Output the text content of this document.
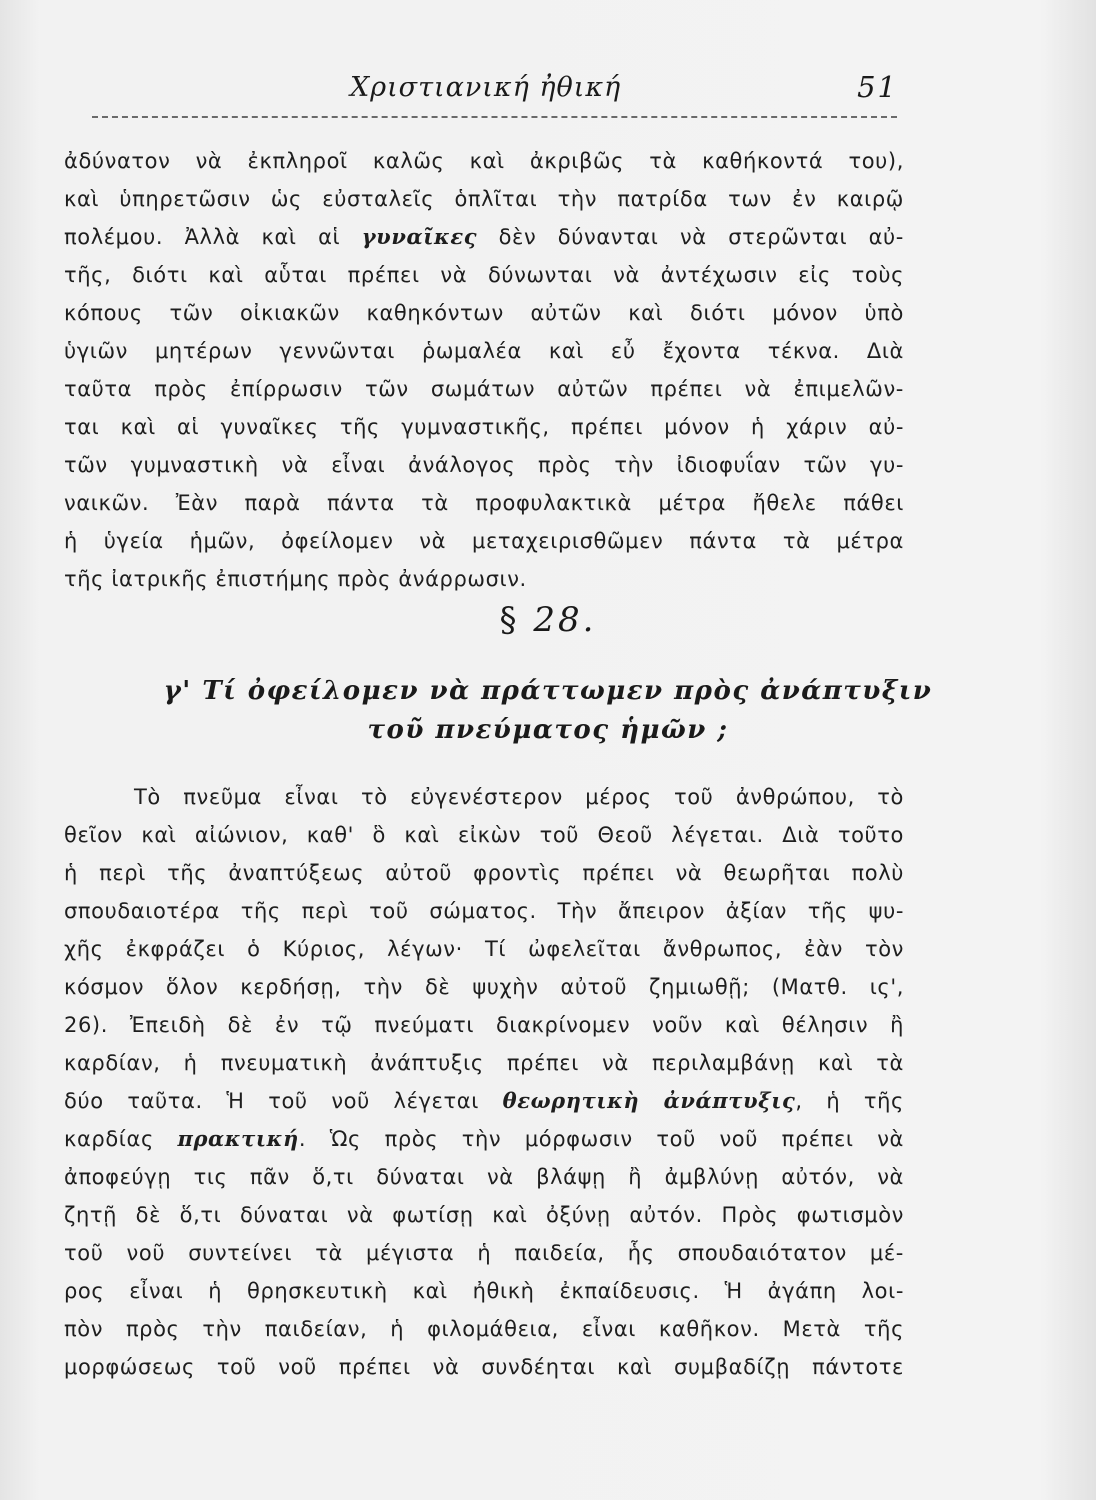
Χριστιανική ἠθική	51
ἀδύνατον νὰ ἐκπληροῖ καλῶς καὶ ἀκριβῶς τὰ καθήκοντά του),
καὶ ὑπηρετῶσιν ὡς εὐσταλεῖς ὁπλῖται τὴν πατρίδα των ἐν καιρῷ
πολέμου. Ἀλλὰ καὶ αἱ γυναῖκες δὲν δύνανται νὰ στερῶνται αὐ-
τῆς, διότι καὶ αὗται πρέπει νὰ δύνωνται νὰ ἀντέχωσιν εἰς τοὺς
κόπους τῶν οἰκιακῶν καθηκόντων αὐτῶν καὶ διότι μόνον ὑπὸ
ὑγιῶν μητέρων γεννῶνται ῥωμαλέα καὶ εὖ ἔχοντα τέκνα. Διὰ
ταῦτα πρὸς ἐπίρρωσιν τῶν σωμάτων αὐτῶν πρέπει νὰ ἐπιμελῶν-
ται καὶ αἱ γυναῖκες τῆς γυμναστικῆς, πρέπει μόνον ἡ χάριν αὐ-
τῶν γυμναστικὴ νὰ εἶναι ἀνάλογος πρὸς τὴν ἰδιοφυΐαν τῶν γυ-
ναικῶν. Ἐὰν παρὰ πάντα τὰ προφυλακτικὰ μέτρα ἤθελε πάθει
ἡ ὑγεία ἡμῶν, ὀφείλομεν νὰ μεταχειρισθῶμεν πάντα τὰ μέτρα
τῆς ἰατρικῆς ἐπιστήμης πρὸς ἀνάρρωσιν.
§ 28.
γ' Τί ὀφείλομεν νὰ πράττωμεν πρὸς ἀνάπτυξιν
τοῦ πνεύματος ἡμῶν ;
Τὸ πνεῦμα εἶναι τὸ εὐγενέστερον μέρος τοῦ ἀνθρώπου, τὸ
θεῖον καὶ αἰώνιον, καθ' ὃ καὶ εἰκὼν τοῦ Θεοῦ λέγεται. Διὰ τοῦτο
ἡ περὶ τῆς ἀναπτύξεως αὐτοῦ φροντὶς πρέπει νὰ θεωρῆται πολὺ
σπουδαιοτέρα τῆς περὶ τοῦ σώματος. Τὴν ἄπειρον ἀξίαν τῆς ψυ-
χῆς ἐκφράζει ὁ Κύριος, λέγων· Τί ὠφελεῖται ἄνθρωπος, ἐὰν τὸν
κόσμον ὅλον κερδήσῃ, τὴν δὲ ψυχὴν αὐτοῦ ζημιωθῇ; (Ματθ. ις',
26). Ἐπειδὴ δὲ ἐν τῷ πνεύματι διακρίνομεν νοῦν καὶ θέλησιν ἢ
καρδίαν, ἡ πνευματικὴ ἀνάπτυξις πρέπει νὰ περιλαμβάνῃ καὶ τὰ
δύο ταῦτα. Ἡ τοῦ νοῦ λέγεται θεωρητικὴ ἀνάπτυξις, ἡ τῆς
καρδίας πρακτική. Ὡς πρὸς τὴν μόρφωσιν τοῦ νοῦ πρέπει νὰ
ἀποφεύγῃ τις πᾶν ὅ,τι δύναται νὰ βλάψῃ ἢ ἀμβλύνῃ αὐτόν, νὰ
ζητῇ δὲ ὅ,τι δύναται νὰ φωτίσῃ καὶ ὀξύνῃ αὐτόν. Πρὸς φωτισμὸν
τοῦ νοῦ συντείνει τὰ μέγιστα ἡ παιδεία, ἧς σπουδαιότατον μέ-
ρος εἶναι ἡ θρησκευτικὴ καὶ ἠθικὴ ἐκπαίδευσις. Ἡ ἀγάπη λοι-
πὸν πρὸς τὴν παιδείαν, ἡ φιλομάθεια, εἶναι καθῆκον. Μετὰ τῆς
μορφώσεως τοῦ νοῦ πρέπει νὰ συνδέηται καὶ συμβαδίζῃ πάντοτε
